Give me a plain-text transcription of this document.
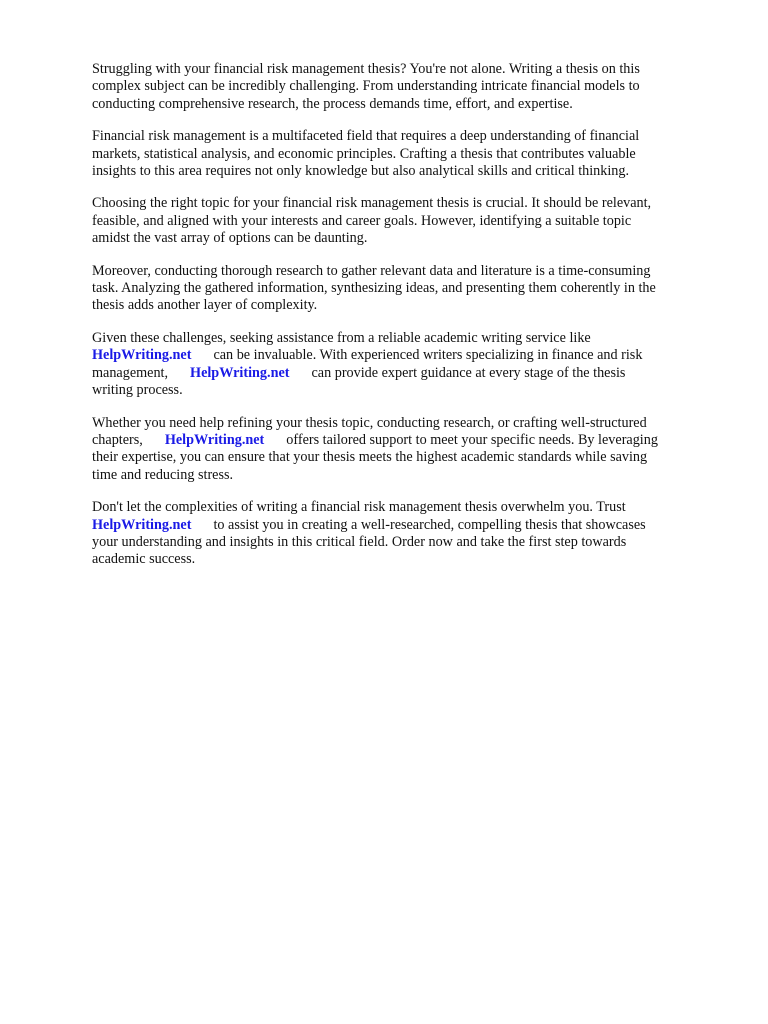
Struggling with your financial risk management thesis? You're not alone. Writing a thesis on this
complex subject can be incredibly challenging. From understanding intricate financial models to
conducting comprehensive research, the process demands time, effort, and expertise.

Financial risk management is a multifaceted field that requires a deep understanding of financial
markets, statistical analysis, and economic principles. Crafting a thesis that contributes valuable
insights to this area requires not only knowledge but also analytical skills and critical thinking.

Choosing the right topic for your financial risk management thesis is crucial. It should be relevant,
feasible, and aligned with your interests and career goals. However, identifying a suitable topic
amidst the vast array of options can be daunting.

Moreover, conducting thorough research to gather relevant data and literature is a time-consuming
task. Analyzing the gathered information, synthesizing ideas, and presenting them coherently in the
thesis adds another layer of complexity.

Given these challenges, seeking assistance from a reliable academic writing service like
HelpWriting.net can be invaluable. With experienced writers specializing in finance and risk
management, HelpWriting.net can provide expert guidance at every stage of the thesis
writing process.

Whether you need help refining your thesis topic, conducting research, or crafting well-structured
chapters, HelpWriting.net offers tailored support to meet your specific needs. By leveraging
their expertise, you can ensure that your thesis meets the highest academic standards while saving
time and reducing stress.

Don't let the complexities of writing a financial risk management thesis overwhelm you. Trust
HelpWriting.net to assist you in creating a well-researched, compelling thesis that showcases
your understanding and insights in this critical field. Order now and take the first step towards
academic success.
